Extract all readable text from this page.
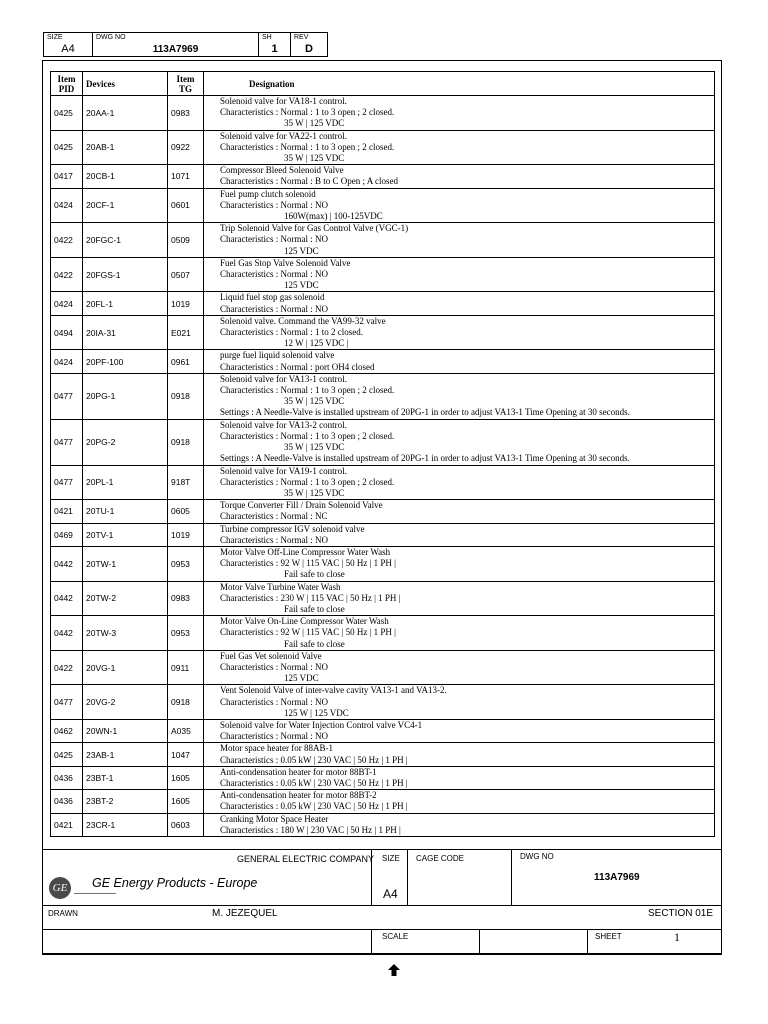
SIZE
A4
DWG NO
113A7969
SH
1
REV
D
Item PID	Devices	Item TG	Designation
0425	20AA-1	0983	Solenoid valve for VA18-1 control.
Characteristics : Normal : 1 to 3 open ; 2 closed.
35 W | 125 VDC

0425	20AB-1	0922	Solenoid valve for VA22-1 control.
Characteristics : Normal : 1 to 3 open ; 2 closed.
35 W | 125 VDC

0417	20CB-1	1071	Compressor Bleed Solenoid Valve
Characteristics : Normal : B to C Open ; A closed

0424	20CF-1	0601	Fuel pump clutch solenoid
Characteristics : Normal : NO
160W(max) | 100-125VDC

0422	20FGC-1	0509	Trip Solenoid Valve for Gas Control Valve (VGC-1)
Characteristics : Normal : NO
125 VDC

0422	20FGS-1	0507	Fuel Gas Stop Valve Solenoid Valve
Characteristics : Normal : NO
125 VDC

0424	20FL-1	1019	Liquid fuel stop gas solenoid
Characteristics : Normal : NO

0494	20IA-31	E021	Solenoid valve. Command the VA99-32 valve
Characteristics : Normal : 1 to 2 closed.
12 W | 125 VDC |

0424	20PF-100	0961	purge fuel liquid solenoid valve
Characteristics : Normal : port OH4 closed

0477	20PG-1	0918	Solenoid valve for VA13-1 control.
Characteristics : Normal : 1 to 3 open ; 2 closed.
35 W | 125 VDC
Settings : A Needle-Valve is installed upstream of 20PG-1 in order to adjust VA13-1 Time Opening at 30 seconds.

0477	20PG-2	0918	Solenoid valve for VA13-2 control.
Characteristics : Normal : 1 to 3 open ; 2 closed.
35 W | 125 VDC
Settings : A Needle-Valve is installed upstream of 20PG-1 in order to adjust VA13-1 Time Opening at 30 seconds.

0477	20PL-1	918T	Solenoid valve for VA19-1 control.
Characteristics : Normal : 1 to 3 open ; 2 closed.
35 W | 125 VDC

0421	20TU-1	0605	Torque Converter Fill / Drain Solenoid Valve
Characteristics : Normal : NC

0469	20TV-1	1019	Turbine compressor IGV solenoid valve
Characteristics : Normal : NO

0442	20TW-1	0953	Motor Valve Off-Line Compressor Water Wash
Characteristics : 92 W | 115 VAC | 50 Hz | 1 PH |
Fail safe to close

0442	20TW-2	0983	Motor Valve Turbine Water Wash
Characteristics : 230 W | 115 VAC | 50 Hz | 1 PH |
Fail safe to close

0442	20TW-3	0953	Motor Valve On-Line Compressor Water Wash
Characteristics : 92 W | 115 VAC | 50 Hz | 1 PH |
Fail safe to close

0422	20VG-1	0911	Fuel Gas Vet solenoid Valve
Characteristics : Normal : NO
125 VDC

0477	20VG-2	0918	Vent Solenoid Valve of inter-valve cavity VA13-1 and VA13-2.
Characteristics : Normal : NO
125 W | 125 VDC

0462	20WN-1	A035	Solenoid valve for Water Injection Control valve VC4-1
Characteristics : Normal : NO

0425	23AB-1	1047	Motor space heater for 88AB-1
Characteristics : 0.05 kW | 230 VAC | 50 Hz | 1 PH |

0436	23BT-1	1605	Anti-condensation heater for motor 88BT-1
Characteristics : 0.05 kW | 230 VAC | 50 Hz | 1 PH |

0436	23BT-2	1605	Anti-condensation heater for motor 88BT-2
Characteristics : 0.05 kW | 230 VAC | 50 Hz | 1 PH |

0421	23CR-1	0603	Cranking Motor Space Heater
Characteristics : 180 W | 230 VAC | 50 Hz | 1 PH |
GENERAL ELECTRIC COMPANY
GE Energy Products - Europe
SIZE
A4
CAGE CODE	DWG NO
113A7969
DRAWN	M. JEZEQUEL	SECTION 01E
SCALE	SHEET	1
GE
